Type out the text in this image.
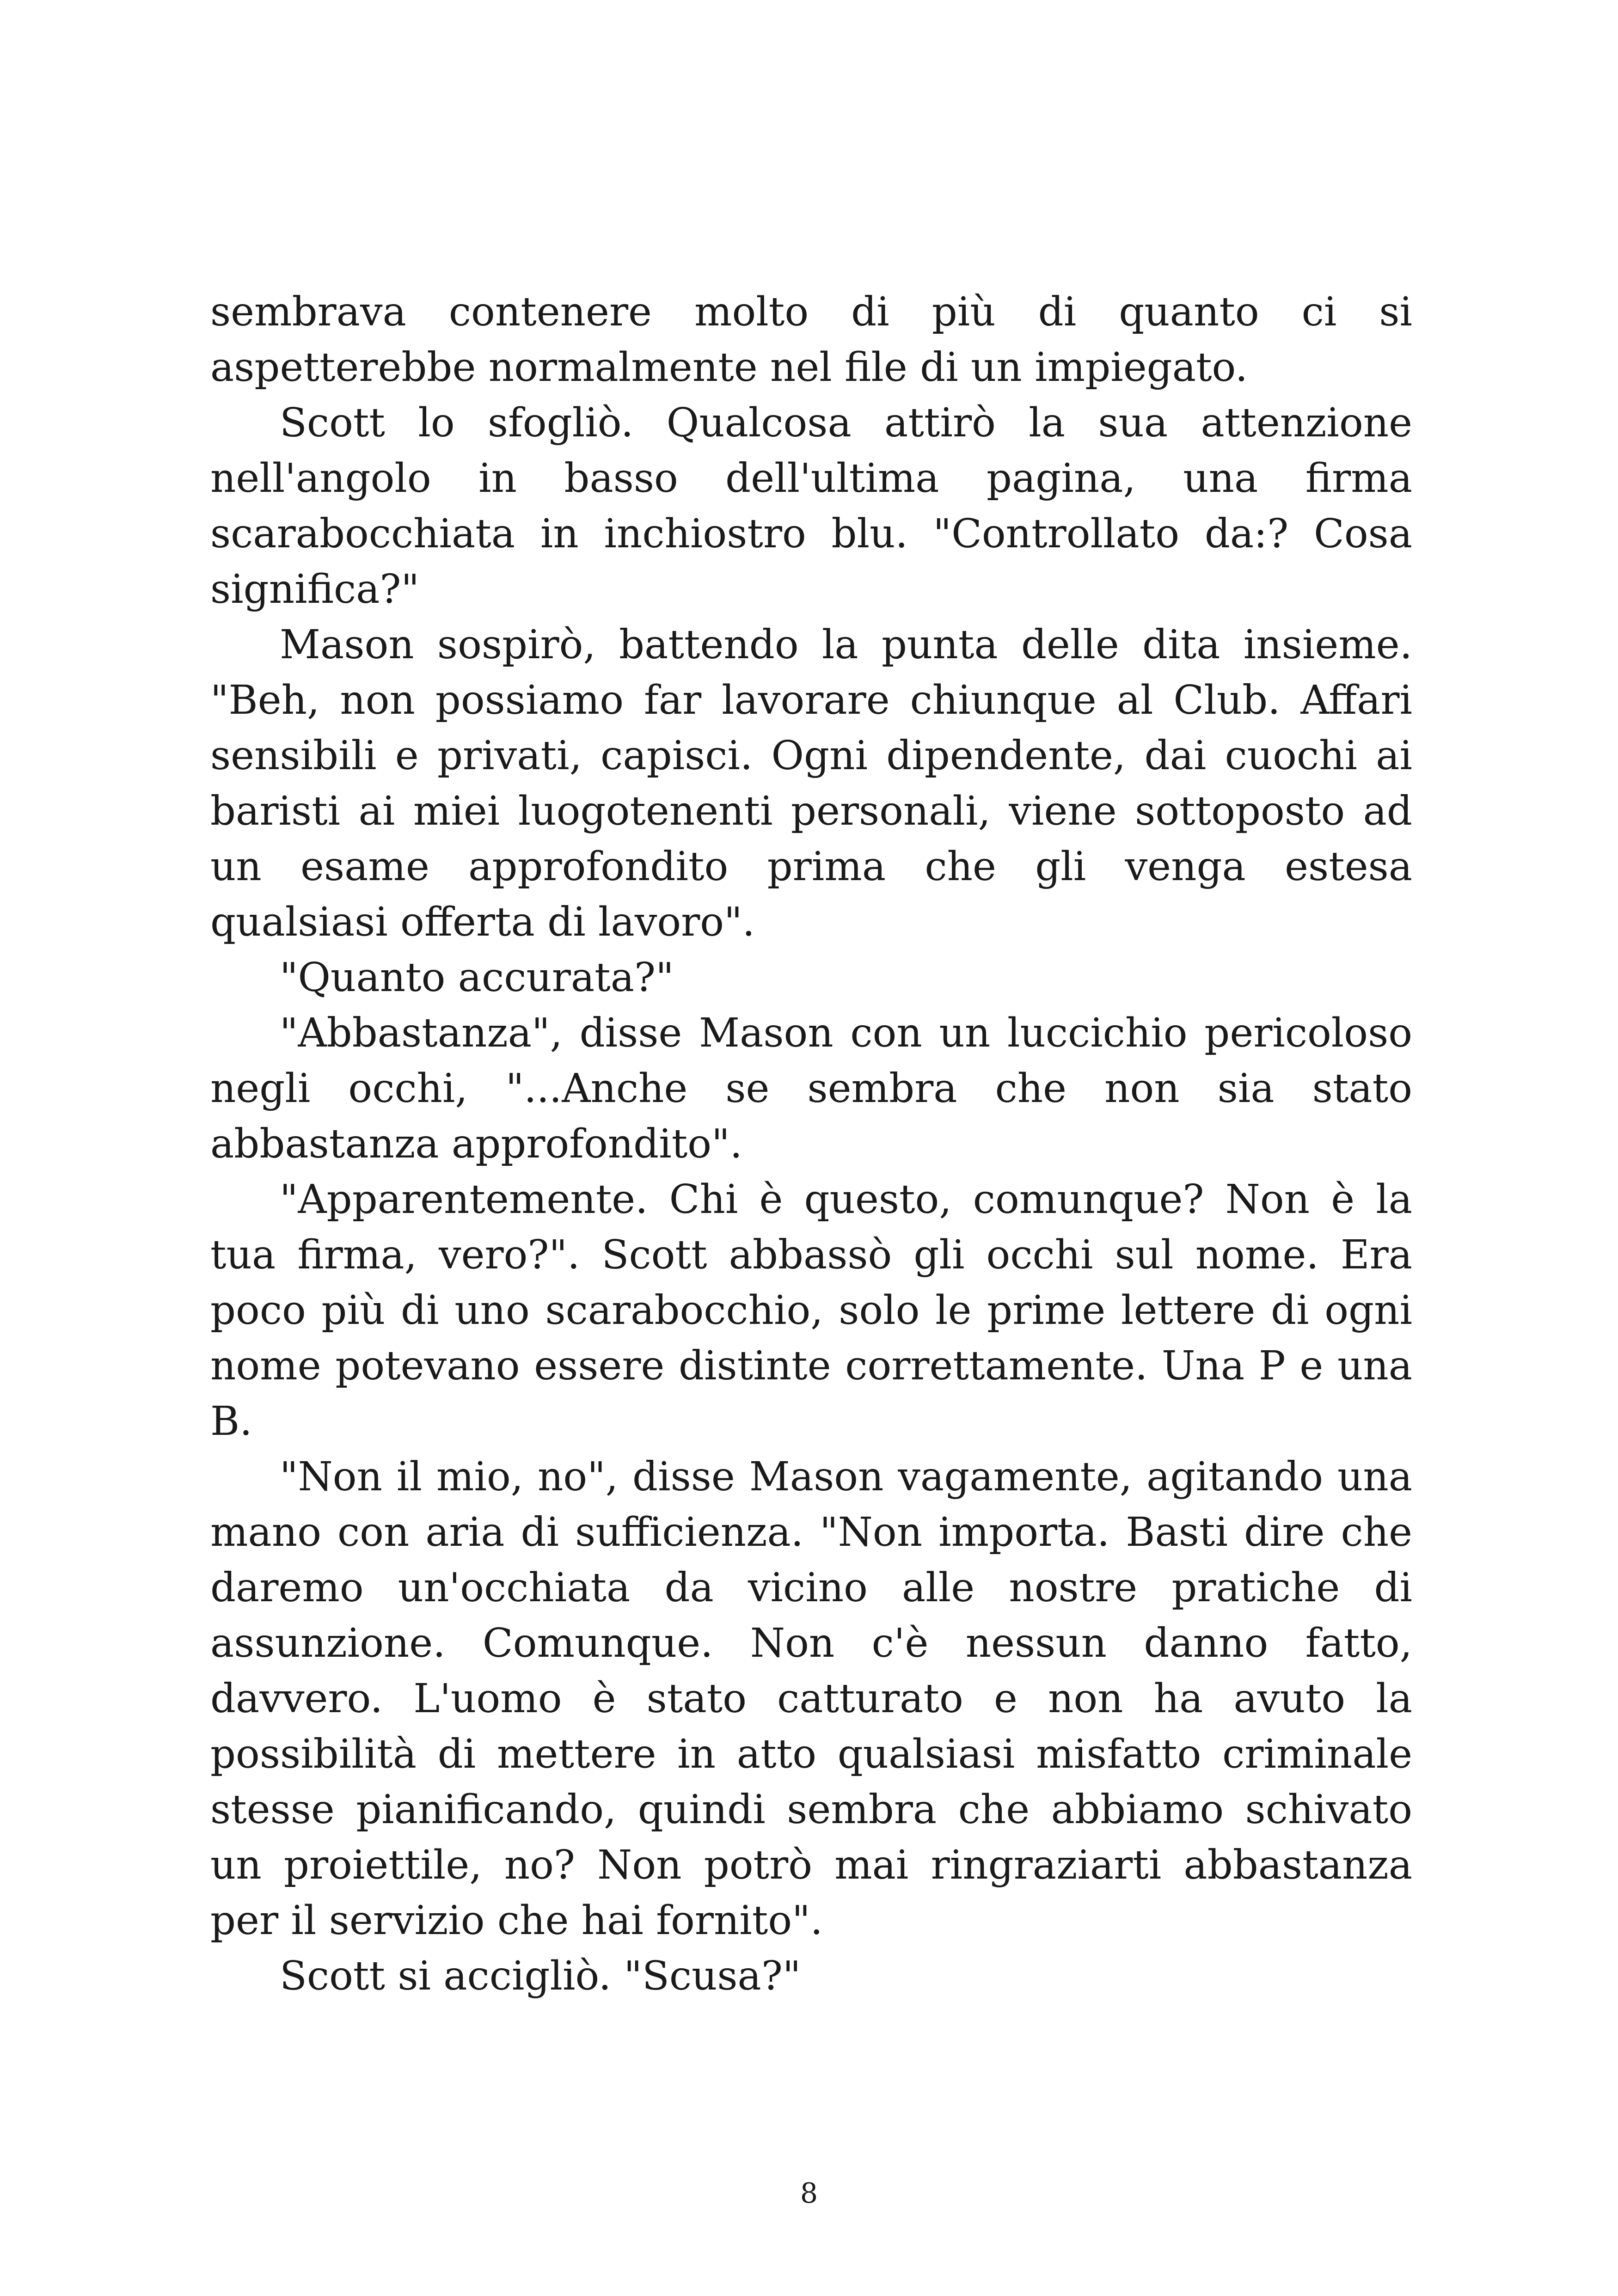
sembrava contenere molto di più di quanto ci si aspetterebbe normalmente nel file di un impiegato.

Scott lo sfogliò. Qualcosa attirò la sua attenzione nell'angolo in basso dell'ultima pagina, una firma scarabocchiata in inchiostro blu. "Controllato da:? Cosa significa?"

Mason sospirò, battendo la punta delle dita insieme. "Beh, non possiamo far lavorare chiunque al Club. Affari sensibili e privati, capisci. Ogni dipendente, dai cuochi ai baristi ai miei luogotenenti personali, viene sottoposto ad un esame approfondito prima che gli venga estesa qualsiasi offerta di lavoro".

"Quanto accurata?"

"Abbastanza", disse Mason con un luccichio pericoloso negli occhi, "...Anche se sembra che non sia stato abbastanza approfondito".

"Apparentemente. Chi è questo, comunque? Non è la tua firma, vero?". Scott abbassò gli occhi sul nome. Era poco più di uno scarabocchio, solo le prime lettere di ogni nome potevano essere distinte correttamente. Una P e una B.

"Non il mio, no", disse Mason vagamente, agitando una mano con aria di sufficienza. "Non importa. Basti dire che daremo un'occhiata da vicino alle nostre pratiche di assunzione. Comunque. Non c'è nessun danno fatto, davvero. L'uomo è stato catturato e non ha avuto la possibilità di mettere in atto qualsiasi misfatto criminale stesse pianificando, quindi sembra che abbiamo schivato un proiettile, no? Non potrò mai ringraziarti abbastanza per il servizio che hai fornito".

Scott si accigliò. "Scusa?"

8
